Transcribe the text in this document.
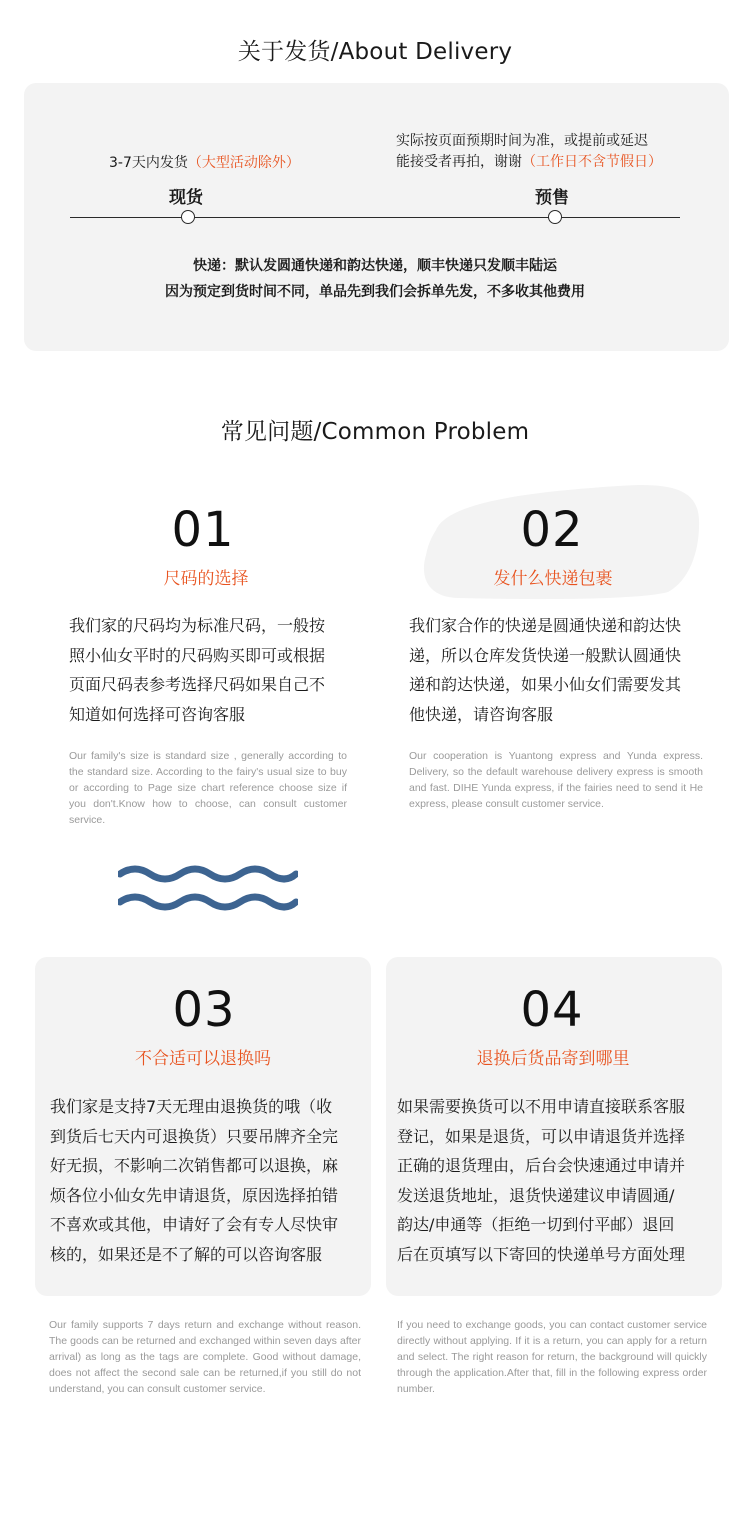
关于发货/About Delivery
3-7天内发货（大型活动除外）
现货
实际按页面预期时间为准，或提前或延迟
能接受者再拍，谢谢（工作日不含节假日）
预售
快递：默认发圆通快递和韵达快递，顺丰快递只发顺丰陆运
因为预定到货时间不同，单品先到我们会拆单先发，不多收其他费用
常见问题/Common Problem
01
尺码的选择
我们家的尺码均为标准尺码，一般按
照小仙女平时的尺码购买即可或根据
页面尺码表参考选择尺码如果自己不
知道如何选择可咨询客服
Our family's size is standard size , generally according to the standard size. According to the fairy's usual size to buy or according to Page size chart reference choose size if you don't.Know how to choose, can consult customer service.
02
发什么快递包裹
我们家合作的快递是圆通快递和韵达快
递，所以仓库发货快递一般默认圆通快
递和韵达快递，如果小仙女们需要发其
他快递，请咨询客服
Our cooperation is Yuantong express and Yunda express. Delivery, so the default warehouse delivery express is smooth and fast. DIHE Yunda express, if the fairies need to send it He express, please consult customer service.
03
不合适可以退换吗
我们家是支持7天无理由退换货的哦（收
到货后七天内可退换货）只要吊牌齐全完
好无损，不影响二次销售都可以退换，麻
烦各位小仙女先申请退货，原因选择拍错
不喜欢或其他，申请好了会有专人尽快审
核的，如果还是不了解的可以咨询客服
Our family supports 7 days return and exchange without reason. The goods can be returned and exchanged within seven days after arrival) as long as the tags are complete. Good without damage, does not affect the second sale can be returned,if you still do not understand, you can consult customer service.
04
退换后货品寄到哪里
如果需要换货可以不用申请直接联系客服
登记，如果是退货，可以申请退货并选择
正确的退货理由，后台会快速通过申请并
发送退货地址，退货快递建议申请圆通/
韵达/申通等（拒绝一切到付平邮）退回
后在页填写以下寄回的快递单号方面处理
If you need to exchange goods, you can contact customer service directly without applying. If it is a return, you can apply for a return and select. The right reason for return, the background will quickly through the application.After that, fill in the following express order number.
